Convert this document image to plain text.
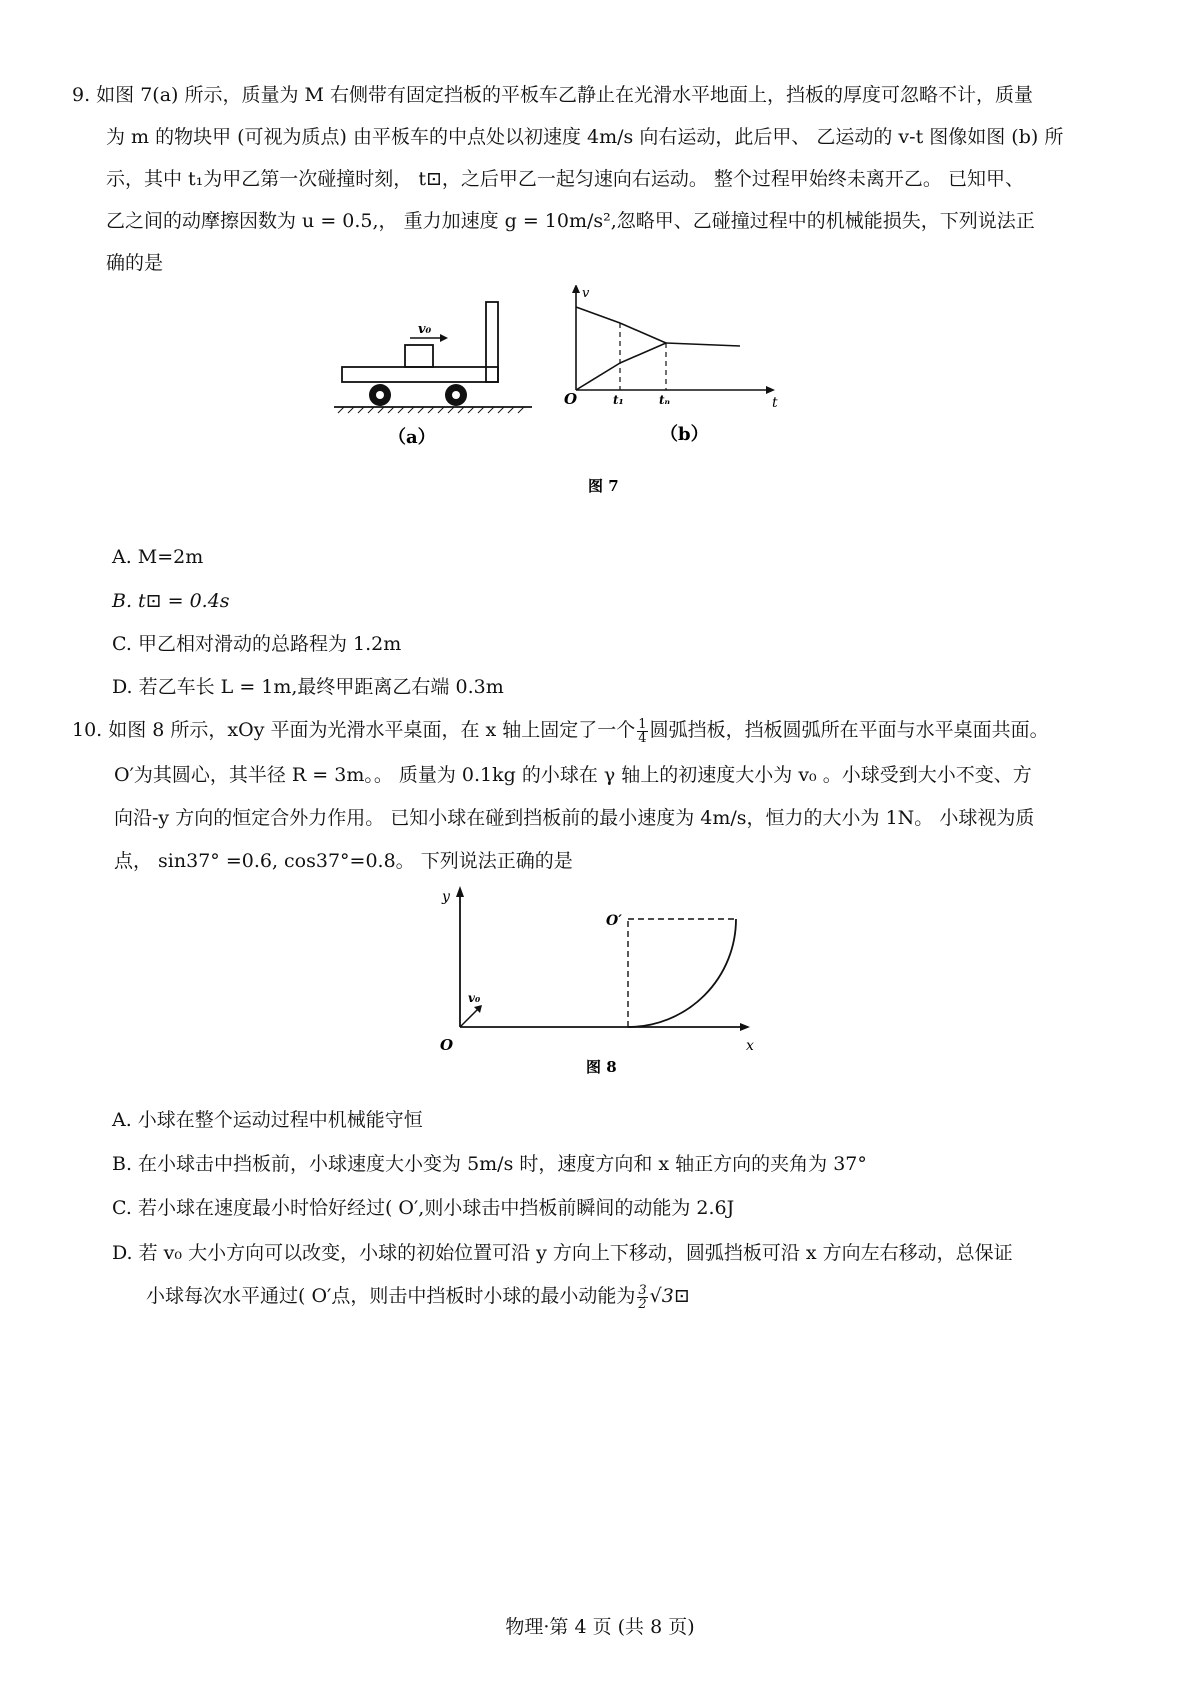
9. 如图 7(a) 所示，质量为 M 右侧带有固定挡板的平板车乙静止在光滑水平地面上，挡板的厚度可忽略不计，质量
为 m 的物块甲 (可视为质点) 由平板车的中点处以初速度 4m/s 向右运动，此后甲、 乙运动的 v-t 图像如图 (b) 所
示，其中 t₁为甲乙第一次碰撞时刻， t⊡，之后甲乙一起匀速向右运动。 整个过程甲始终未离开乙。 已知甲、
乙之间的动摩擦因数为 u = 0.5,， 重力加速度 g = 10m/s²,忽略甲、乙碰撞过程中的机械能损失，下列说法正
确的是
v₀
（a）
v
t
O	t₁	tₙ
（b）
图 7
A. M=2m
B. t⊡ = 0.4s
C. 甲乙相对滑动的总路程为 1.2m
D. 若乙车长 L = 1m,最终甲距离乙右端 0.3m
10. 如图 8 所示，xOy 平面为光滑水平桌面，在 x 轴上固定了一个 $\frac{1}{4}$ 圆弧挡板，挡板圆弧所在平面与水平桌面共面。
O′为其圆心，其半径 R = 3m。。 质量为 0.1kg 的小球在 γ 轴上的初速度大小为 v₀ 。小球受到大小不变、方
向沿-y 方向的恒定合外力作用。 已知小球在碰到挡板前的最小速度为 4m/s，恒力的大小为 1N。 小球视为质
点， sin37° =0.6, cos37°=0.8。 下列说法正确的是
v₀
y
x
O
O′
图 8
A. 小球在整个运动过程中机械能守恒
B. 在小球击中挡板前，小球速度大小变为 5m/s 时，速度方向和 x 轴正方向的夹角为 37°
C. 若小球在速度最小时恰好经过( O′,则小球击中挡板前瞬间的动能为 2.6J
D. 若 v₀ 大小方向可以改变，小球的初始位置可沿 y 方向上下移动，圆弧挡板可沿 x 方向左右移动，总保证
小球每次水平通过( O′点，则击中挡板时小球的最小动能为 $\frac{3}{2}$ √3⊡
物理·第 4 页 (共 8 页)
